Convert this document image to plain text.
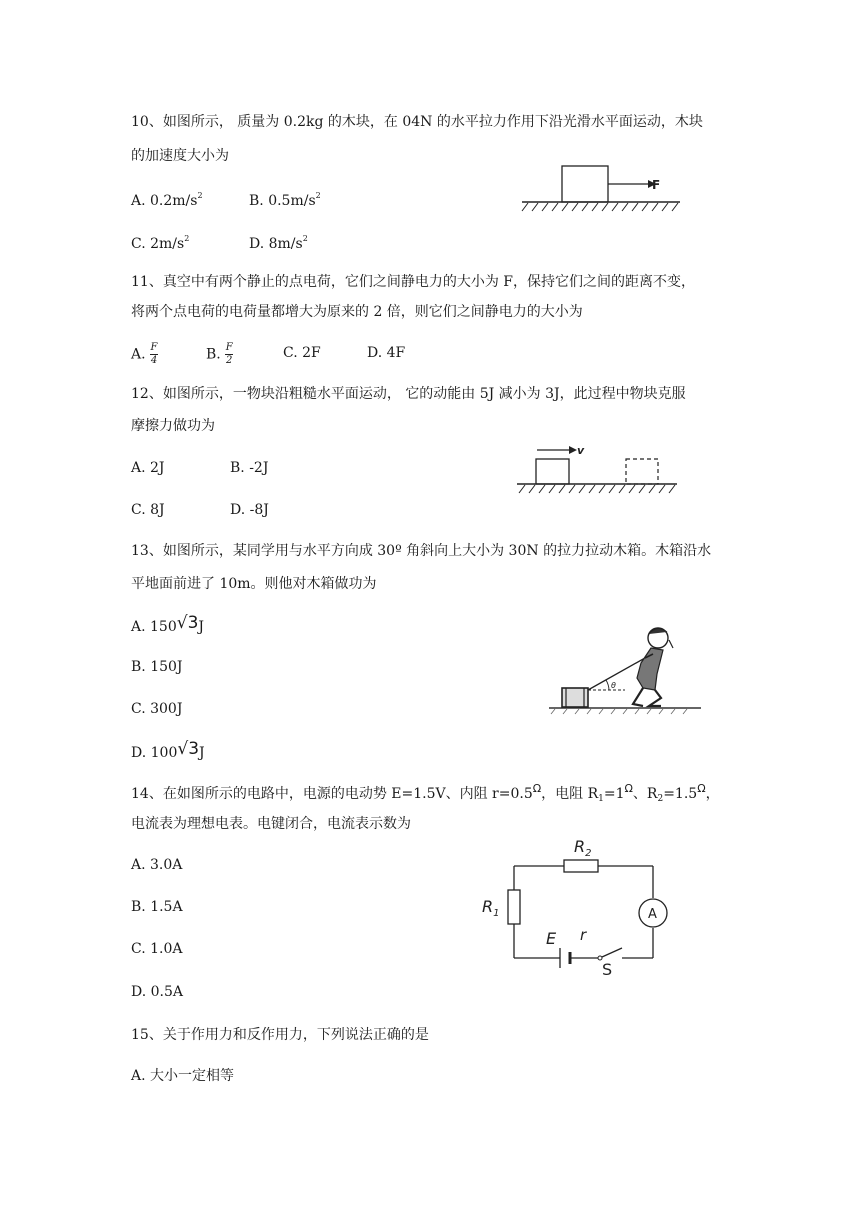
10、如图所示， 质量为 0.2kg 的木块，在 04N 的水平拉力作用下沿光滑水平面运动，木块
的加速度大小为
A. $0.2m/s^2$	B. $0.5m/s^2$
C. $2m/s^2$	D. $8m/s^2$
F
11、真空中有两个静止的点电荷，它们之间静电力的大小为 F，保持它们之间的距离不变，
将两个点电荷的电荷量都增大为原来的 2 倍，则它们之间静电力的大小为
A. $\frac{F}{4}$	B. $\frac{F}{2}$	C. 2F	D. 4F
12、如图所示，一物块沿粗糙水平面运动， 它的动能由 5J 减小为 3J，此过程中物块克服
摩擦力做功为
A. 2J	B. -2J
C. 8J	D. -8J
v
13、如图所示，某同学用与水平方向成 30º 角斜向上大小为 30N 的拉力拉动木箱。木箱沿水
平地面前进了 10m。则他对木箱做功为
A. 150√3J
B. 150J
C. 300J
D. 100√3J
θ
14、在如图所示的电路中，电源的电动势 E=1.5V、内阻 $r=0.5^\Omega$，电阻 $R_1=1^\Omega$、$R_2=1.5^\Omega$，
电流表为理想电表。电键闭合，电流表示数为
A. 3.0A
B. 1.5A
C. 1.0A
D. 0.5A
$R_2$
$R_1$	A
E r
S
15、关于作用力和反作用力，下列说法正确的是
A. 大小一定相等
